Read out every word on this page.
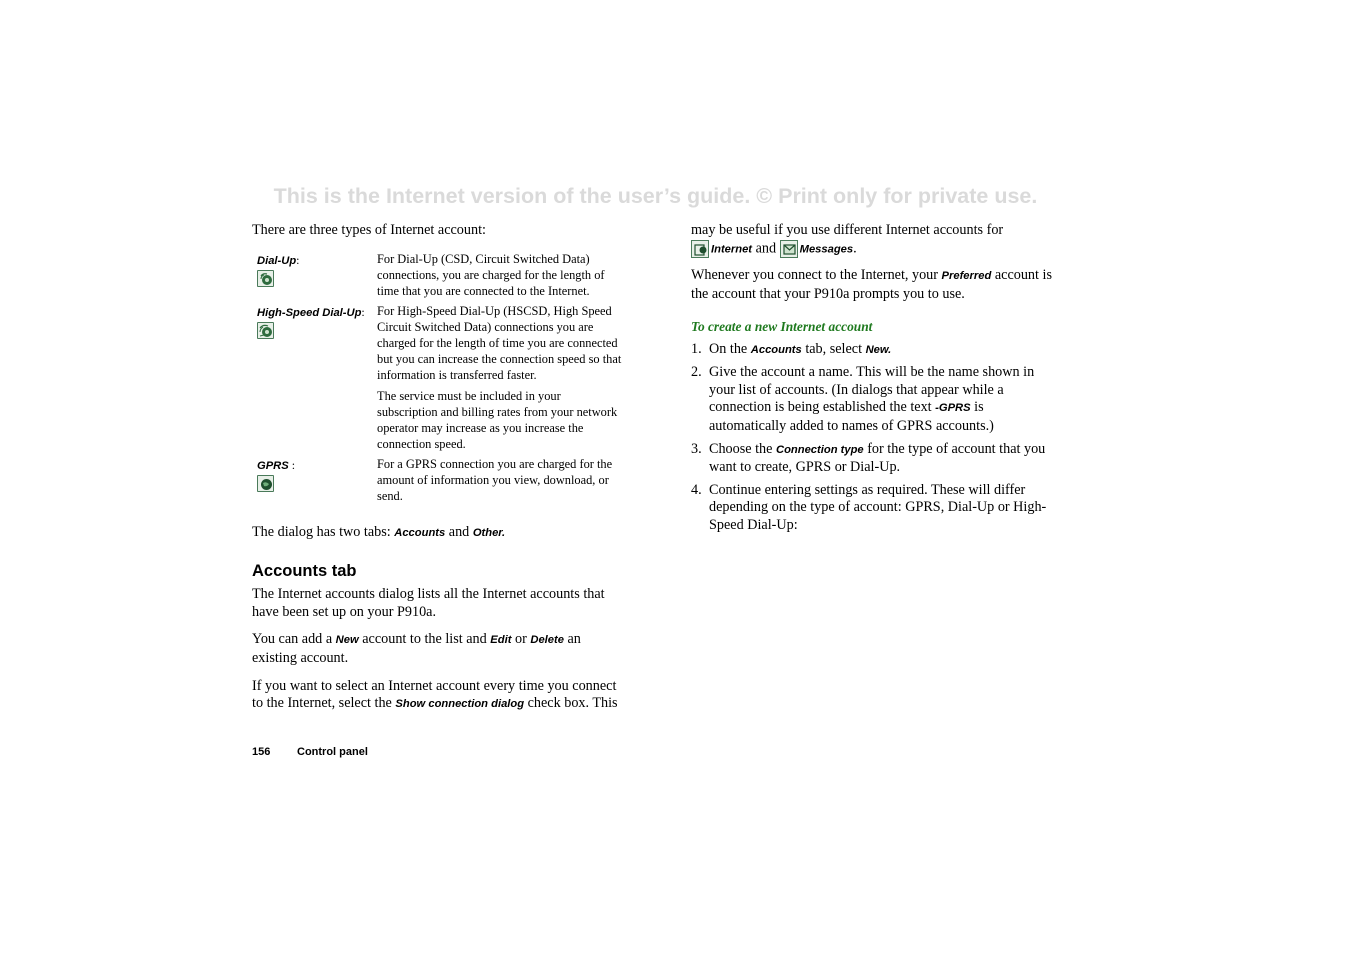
This is the Internet version of the user’s guide. © Print only for private use.

There are three types of Internet account:

Dial-Up:	For Dial-Up (CSD, Circuit Switched Data) connections, you are charged for the length of time that you are connected to the Internet.

High-Speed Dial-Up: For High-Speed Dial-Up (HSCSD, High Speed Circuit Switched Data) connections you are charged for the length of time you are connected but you can increase the connection speed so that information is transferred faster.

The service must be included in your subscription and billing rates from your network operator may increase as you increase the connection speed.

GPRS :	For a GPRS connection you are charged for the amount of information you view, download, or send.

The dialog has two tabs: Accounts and Other.

Accounts tab

The Internet accounts dialog lists all the Internet accounts that have been set up on your P910a.

You can add a New account to the list and Edit or Delete an existing account.

If you want to select an Internet account every time you connect to the Internet, select the Show connection dialog check box. This

may be useful if you use different Internet accounts for

Internet and
Messages.

Whenever you connect to the Internet, your Preferred account is the account that your P910a prompts you to use.

To create a new Internet account

1. On the Accounts tab, select New.
2. Give the account a name. This will be the name shown in your list of accounts. (In dialogs that appear while a connection is being established the text -GPRS is automatically added to names of GPRS accounts.)
3. Choose the Connection type for the type of account that you want to create, GPRS or Dial-Up.
4. Continue entering settings as required. These will differ depending on the type of account: GPRS, Dial-Up or High-Speed Dial-Up:
156 Control panel
